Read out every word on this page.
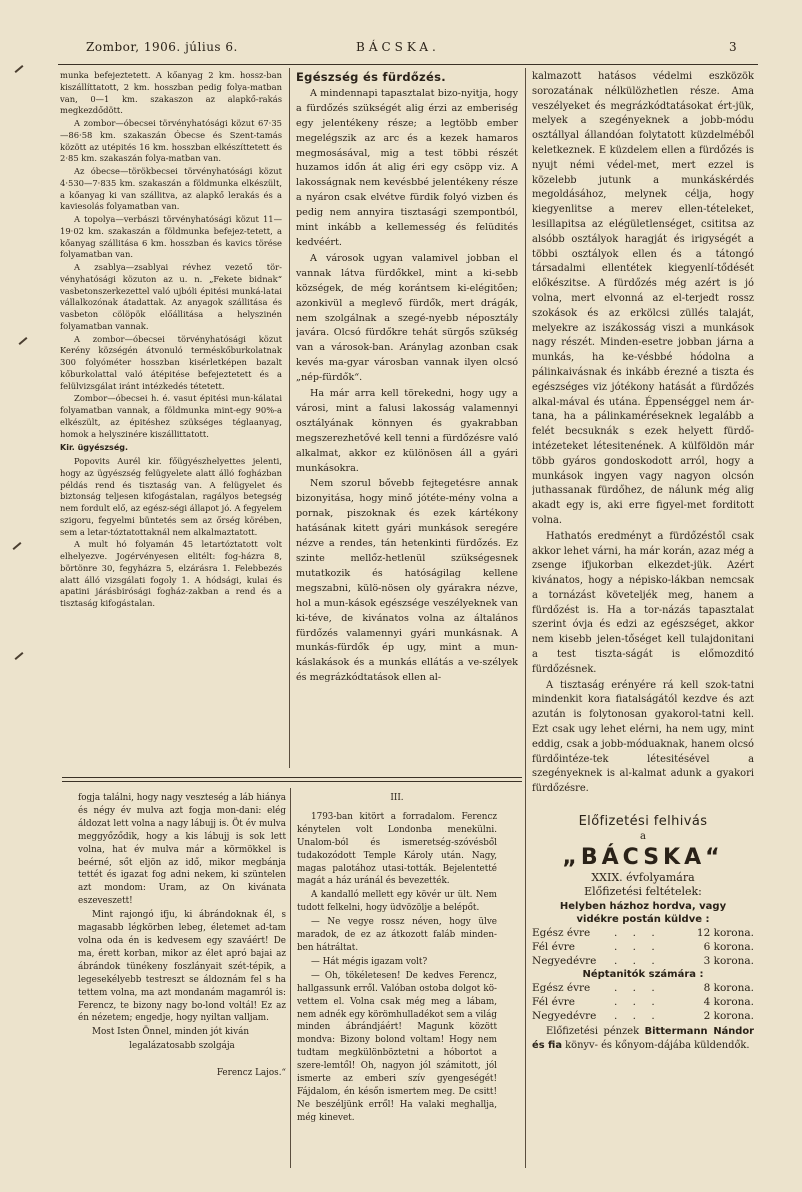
Zombor, 1906. július 6.	BÁCSKA.	3

munka befejeztetett. A kőanyag 2 km. hossz-ban kiszállíttatott, 2 km. hosszban pedig folya-matban van, 0—1 km. szakaszon az alapkő-rakás megkezdődött.

A zombor—óbecsei törvényhatósági közut 67·35—86·58 km. szakaszán Óbecse és Szent-tamás között az utépités 16 km. hosszban elkészíttetett és 2·85 km. szakaszán folya-matban van.

Az óbecse—törökbecsei törvényhatósági közut 4·530—7·835 km. szakaszán a földmunka elkészült, a kőanyag ki van szállitva, az alapkő lerakás és a kaviesolás folyamatban van.

A topolya—verbászi törvényhatósági közut 11—19·02 km. szakaszán a földmunka befejez-tetett, a kőanyag szállitása 6 km. hosszban és kavics törése folyamatban van.

A zsablya—zsablyai révhez vezető tör-vényhatósági közuton az u. n. „Fekete bidnak“ vasbetonszerkezettel való ujbóli épitési munká-latai vállalkozónak átadattak. Az anyagok szállitása és vasbeton cölöpök előállitása a helyszinén folyamatban vannak.

A zombor—óbecsei törvényhatósági közut Kerény községén átvonuló terméskőburkolatnak 300 folyóméter hosszban kisérletképen bazalt kőburkolattal való átépitése befejeztetett és a felülvizsgálat iránt intézkedés tétetett.

Zombor—óbecsei h. é. vasut épitési mun-kálatai folyamatban vannak, a földmunka mint-egy 90%-a elkészült, az épitéshez szükséges téglaanyag, homok a helyszinére kiszállittatott.

Kir. ügyészség.

Popovits Aurél kir. főügyészhelyettes jelenti, hogy az ügyészség felügyelete alatt álló fogházban példás rend és tisztaság van. A felügyelet és biztonság teljesen kifogástalan, ragályos betegség nem fordult elő, az egész-ségi állapot jó. A fegyelem szigoru, fegyelmi büntetés sem az őrség körében, sem a letar-tóztatottaknál nem alkalmaztatott.

A mult hó folyamán 45 letartóztatott volt elhelyezve. Jogérvényesen elitélt: fog-házra 8, börtönre 30, fegyházra 5, elzárásra 1. Felebbezés alatt álló vizsgálati fogoly 1. A hódsági, kulai és apatini járásbirósági fogház-zakban a rend és a tisztaság kifogástalan.

Egészség és fürdőzés.

A mindennapi tapasztalat bizo-nyitja, hogy a fürdőzés szükségét alig érzi az emberiség egy jelentékeny része; a legtöbb ember megelégszik az arc és a kezek hamaros megmosásával, mig a test többi részét huzamos időn át alig éri egy csöpp viz. A lakosságnak nem kevésbbé jelentékeny része a nyáron csak elvétve fürdik folyó vizben és pedig nem annyira tisztasági szempontból, mint inkább a kellemesség és felüdités kedvéért.

A városok ugyan valamivel jobban el vannak látva fürdőkkel, mint a ki-sebb községek, de még korántsem ki-elégitően; azonkivül a meglevő fürdők, mert drágák, nem szolgálnak a szegé-nyebb néposztály javára. Olcsó fürdőkre tehát sürgős szükség van a városok-ban. Aránylag azonban csak kevés ma-gyar városban vannak ilyen olcsó „nép-fürdők“.

Ha már arra kell törekedni, hogy ugy a városi, mint a falusi lakosság valamennyi osztályának könnyen és gyakrabban megszerezhetővé kell tenni a fürdőzésre való alkalmat, akkor ez különösen áll a gyári munkásokra.

Nem szorul bővebb fejtegetésre annak bizonyitása, hogy minő jótéte-mény volna a pornak, piszoknak és ezek kártékony hatásának kitett gyári munkások seregére nézve a rendes, tán hetenkinti fürdőzés. Ez szinte mellőz-hetlenül szükségesnek mutatkozik és hatóságilag kellene megszabni, külö-nösen oly gyárakra nézve, hol a mun-kások egészsége veszélyeknek van ki-téve, de kivánatos volna az általános fürdőzés valamennyi gyári munkásnak. A munkás-fürdők ép ugy, mint a mun-káslakások és a munkás ellátás a ve-szélyek és megrázkódtatások ellen al-

kalmazott hatásos védelmi eszközök sorozatának nélkülözhetlen része. Ama veszélyeket és megrázkódtatásokat ért-jük, melyek a szegényeknek a jobb-módu osztállyal állandóan folytatott küzdelméből keletkeznek. E küzdelem ellen a fürdőzés is nyujt némi védel-met, mert ezzel is közelebb jutunk a munkáskérdés megoldásához, melynek célja, hogy kiegyenlitse a merev ellen-tételeket, lesillapitsa az elégületlenséget, csititsa az alsóbb osztályok haragját és irigységét a többi osztályok ellen és a tátongó társadalmi ellentétek kiegyenlí-tődését előkészitse. A fürdőzés még azért is jó volna, mert elvonná az el-terjedt rossz szokások és az erkölcsi züllés talaját, melyekre az iszákosság viszi a munkások nagy részét. Minden-esetre jobban járna a munkás, ha ke-vésbbé hódolna a pálinkaivásnak és inkább érezné a tiszta és egészséges viz jótékony hatását a fürdőzés alkal-mával és utána. Éppenséggel nem ár-tana, ha a pálinkaméréseknek legalább a felét becsuknák s ezek helyett fürdő-intézeteket létesitenének. A külföldön már több gyáros gondoskodott arról, hogy a munkások ingyen vagy nagyon olcsón juthassanak fürdőhez, de nálunk még alig akadt egy is, aki erre figyel-met forditott volna.

Hathatós eredményt a fürdőzéstől csak akkor lehet várni, ha már korán, azaz még a zsenge ifjukorban elkezdet-jük. Azért kivánatos, hogy a népisko-lákban nemcsak a tornázást követeljék meg, hanem a fürdőzést is. Ha a tor-názás tapasztalat szerint óvja és edzi az egészséget, akkor nem kisebb jelen-tőséget kell tulajdonitani a test tiszta-ságát is előmozditó fürdőzésnek.

A tisztaság erényére rá kell szok-tatni mindenkit kora fiatalságától kezdve és azt azután is folytonosan gyakorol-tatni kell. Ezt csak ugy lehet elérni, ha nem ugy, mint eddig, csak a jobb-móduaknak, hanem olcsó fürdőintéze-tek létesitésével a szegényeknek is al-kalmat adunk a gyakori fürdőzésre.

Előfizetési felhivás
a
„BÁCSKA“
XXIX. évfolyamára
Előfizetési feltételek:
Helyben házhoz hordva, vagy
vidékre postán küldve :
Egész évre	. . .	12 korona.
Fél évre	. . .	6 korona.
Negyedévre	. . .	3 korona.
Néptanitók számára :
Egész évre	. . .	8 korona.
Fél évre	. . .	4 korona.
Negyedévre	. . .	2 korona.
Előfizetési pénzek Bittermann Nándor és fia könyv- és kőnyom-dájába küldendők.

fogja találni, hogy nagy veszteség a láb hiánya és négy év mulva azt fogja mon-dani: elég áldozat lett volna a nagy lábujj is. Öt év mulva meggyőződik, hogy a kis lábujj is sok lett volna, hat év mulva már a körmökkel is beérné, sőt eljön az idő, mikor megbánja tettét és igazat fog adni nekem, ki szüntelen azt mondom: Uram, az On kivánata eszeveszett!

Mint rajongó ifju, ki ábrándoknak él, s magasabb légkörben lebeg, életemet ad-tam volna oda én is kedvesem egy szaváért! De ma, érett korban, mikor az élet apró bajai az ábrándok tünékeny foszlányait szét-tépik, a legesekélyebb testreszt se áldoznám fel s ha tettem volna, ma azt mondanám magamról is: Ferencz, te bizony nagy bo-lond voltál! Ez az én nézetem; engedje, hogy nyiltan valljam.

Most Isten Önnel, minden jót kiván

legalázatosabb szolgája

Ferencz Lajos.“

III.

1793-ban kitört a forradalom. Ferencz kénytelen volt Londonba menekülni. Unalom-ból és ismeretség-szóvésből tudakozódott Temple Károly után. Nagy, magas palotához utasi-tották. Bejelentetté magát a ház uránál és bevezették.

A kandalló mellett egy kövér ur ült. Nem tudott felkelni, hogy üdvözölje a belépőt.

— Ne vegye rossz néven, hogy ülve maradok, de ez az átkozott faláb minden-ben hátráltat.

— Hát mégis igazam volt?

— Oh, tökéletesen! De kedves Ferencz, hallgassunk erről. Valóban ostoba dolgot kö-vettem el. Volna csak még meg a lábam, nem adnék egy körömhulladékot sem a világ minden ábrándjáért! Magunk között mondva: Bizony bolond voltam! Hogy nem tudtam megkülönböztetni a hóbortot a szere-lemtől! Oh, nagyon jól számitott, jól ismerte az emberi szív gyengeségét! Fájdalom, én későn ismertem meg. De csitt! Ne beszéljünk erről! Ha valaki meghallja, még kinevet.
